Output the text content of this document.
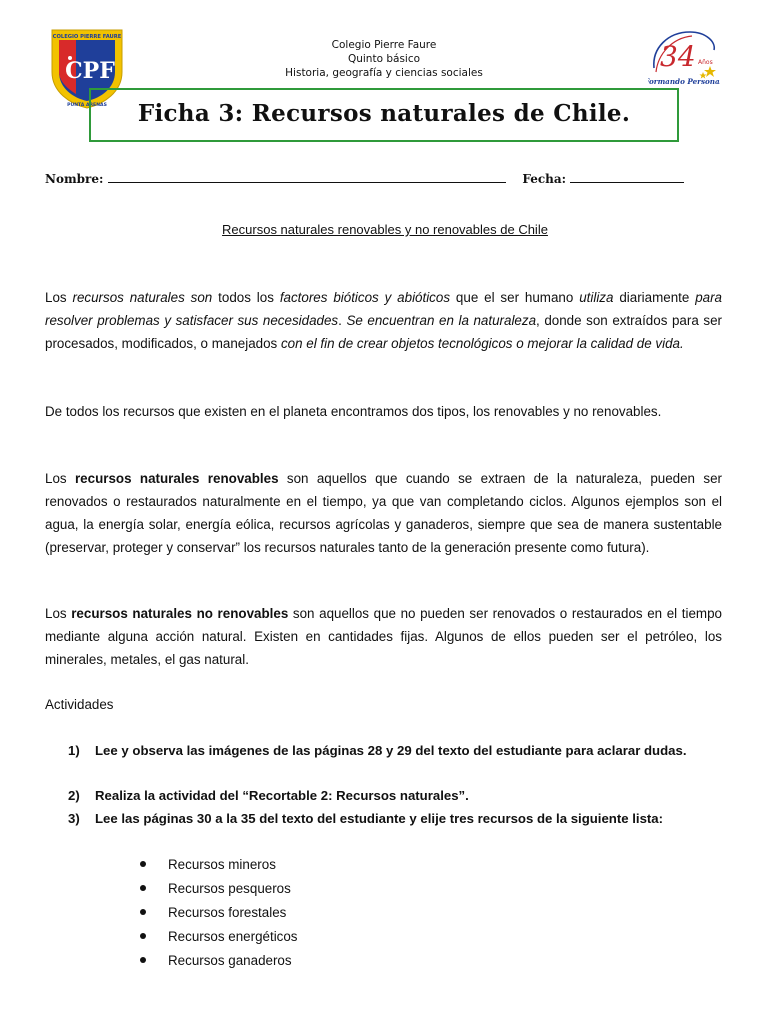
COLEGIO PIERRE FAURE
CPF
PUNTA ARENAS
Colegio Pierre Faure
Quinto básico
Historia, geografía y ciencias sociales	34 Años
Formando Personas
Ficha 3: Recursos naturales de Chile.
Nombre:	Fecha:
Recursos naturales renovables y no renovables de Chile
Los recursos naturales son todos los factores bióticos y abióticos que el ser humano utiliza diariamente para resolver problemas y satisfacer sus necesidades. Se encuentran en la naturaleza, donde son extraídos para ser procesados, modificados, o manejados con el fin de crear objetos tecnológicos o mejorar la calidad de vida.
De todos los recursos que existen en el planeta encontramos dos tipos, los renovables y no renovables.
Los recursos naturales renovables son aquellos que cuando se extraen de la naturaleza, pueden ser renovados o restaurados naturalmente en el tiempo, ya que van completando ciclos. Algunos ejemplos son el agua, la energía solar, energía eólica, recursos agrícolas y ganaderos, siempre que sea de manera sustentable (preservar, proteger y conservar” los recursos naturales tanto de la generación presente como futura).
Los recursos naturales no renovables son aquellos que no pueden ser renovados o restaurados en el tiempo mediante alguna acción natural. Existen en cantidades fijas. Algunos de ellos pueden ser el petróleo, los minerales, metales, el gas natural.
Actividades
1) Lee y observa las imágenes de las páginas 28 y 29 del texto del estudiante para aclarar dudas.
2) Realiza la actividad del “Recortable 2: Recursos naturales”.
3) Lee las páginas 30 a la 35 del texto del estudiante y elije tres recursos de la siguiente lista:
Recursos mineros
Recursos pesqueros
Recursos forestales
Recursos energéticos
Recursos ganaderos
